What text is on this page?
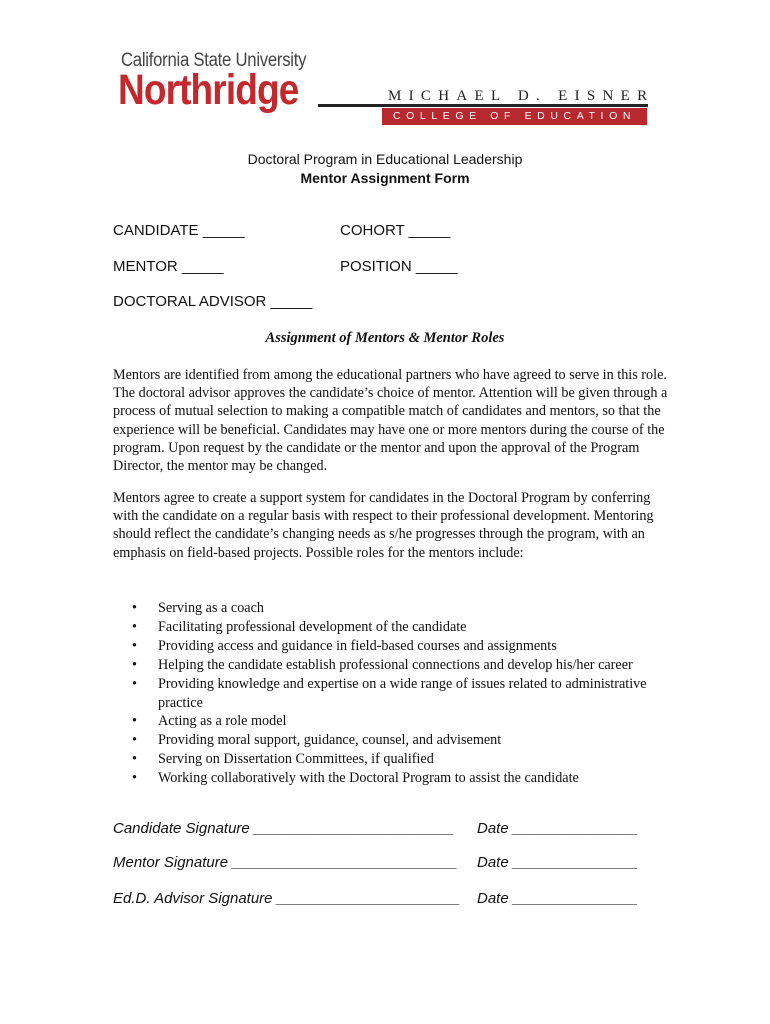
California State University
Northridge	MICHAEL D. EISNER
COLLEGE OF EDUCATION
Doctoral Program in Educational Leadership
Mentor Assignment Form
CANDIDATE _____	COHORT _____
MENTOR _____	POSITION _____
DOCTORAL ADVISOR _____
Assignment of Mentors & Mentor Roles
Mentors are identified from among the educational partners who have agreed to serve in this role. The doctoral advisor approves the candidate’s choice of mentor. Attention will be given through a process of mutual selection to making a compatible match of candidates and mentors, so that the experience will be beneficial. Candidates may have one or more mentors during the course of the program. Upon request by the candidate or the mentor and upon the approval of the Program Director, the mentor may be changed.
Mentors agree to create a support system for candidates in the Doctoral Program by conferring with the candidate on a regular basis with respect to their professional development. Mentoring should reflect the candidate’s changing needs as s/he progresses through the program, with an emphasis on field-based projects. Possible roles for the mentors include:
• Serving as a coach
• Facilitating professional development of the candidate
• Providing access and guidance in field-based courses and assignments
• Helping the candidate establish professional connections and develop his/her career
• Providing knowledge and expertise on a wide range of issues related to administrative practice
• Acting as a role model
• Providing moral support, guidance, counsel, and advisement
• Serving on Dissertation Committees, if qualified
• Working collaboratively with the Doctoral Program to assist the candidate
Candidate Signature ________________________ Date _______________
Mentor Signature ___________________________ Date _______________
Ed.D. Advisor Signature ______________________ Date _______________
